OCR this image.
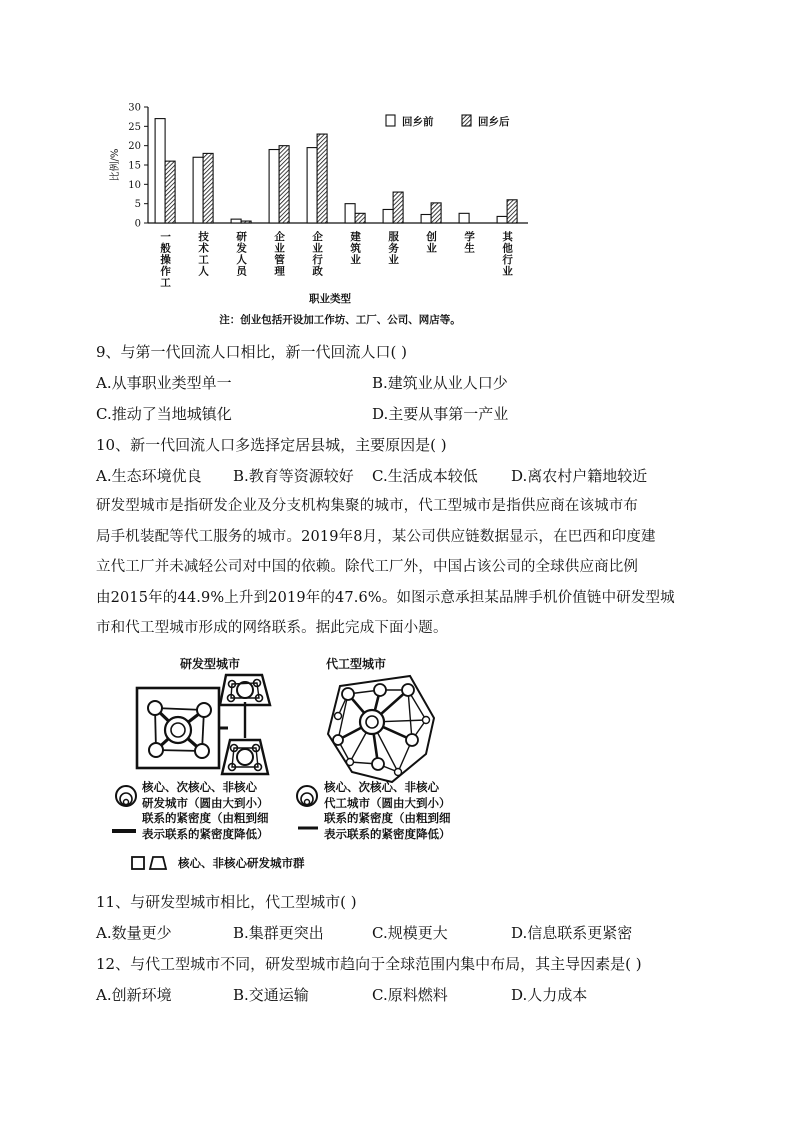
0
5
10
15
20
25
30
比例/%
一般操作工 技术工人 研发人员 企业管理 企业行政 建筑业 服务业 创业 学生 其他行业
回乡前	回乡后
职业类型
注：创业包括开设加工作坊、工厂、公司、网店等。
9、与第一代回流人口相比，新一代回流人口( )
A.从事职业类型单一	B.建筑业从业人口少
C.推动了当地城镇化	D.主要从事第一产业
10、新一代回流人口多选择定居县城，主要原因是( )
A.生态环境优良 B.教育等资源较好 C.生活成本较低 D.离农村户籍地较近
研发型城市是指研发企业及分支机构集聚的城市，代工型城市是指供应商在该城市布
局手机装配等代工服务的城市。2019年8月，某公司供应链数据显示，在巴西和印度建
立代工厂并未减轻公司对中国的依赖。除代工厂外，中国占该公司的全球供应商比例
由2015年的44.9%上升到2019年的47.6%。如图示意承担某品牌手机价值链中研发型城
市和代工型城市形成的网络联系。据此完成下面小题。
研发型城市	代工型城市
核心、次核心、非核心
研发城市（圆由大到小）
联系的紧密度（由粗到细
表示联系的紧密度降低）
核心、次核心、非核心
代工城市（圆由大到小）
联系的紧密度（由粗到细
表示联系的紧密度降低）
核心、非核心研发城市群
11、与研发型城市相比，代工型城市( )
A.数量更少	B.集群更突出	C.规模更大	D.信息联系更紧密
12、与代工型城市不同，研发型城市趋向于全球范围内集中布局，其主导因素是( )
A.创新环境	B.交通运输	C.原料燃料	D.人力成本
